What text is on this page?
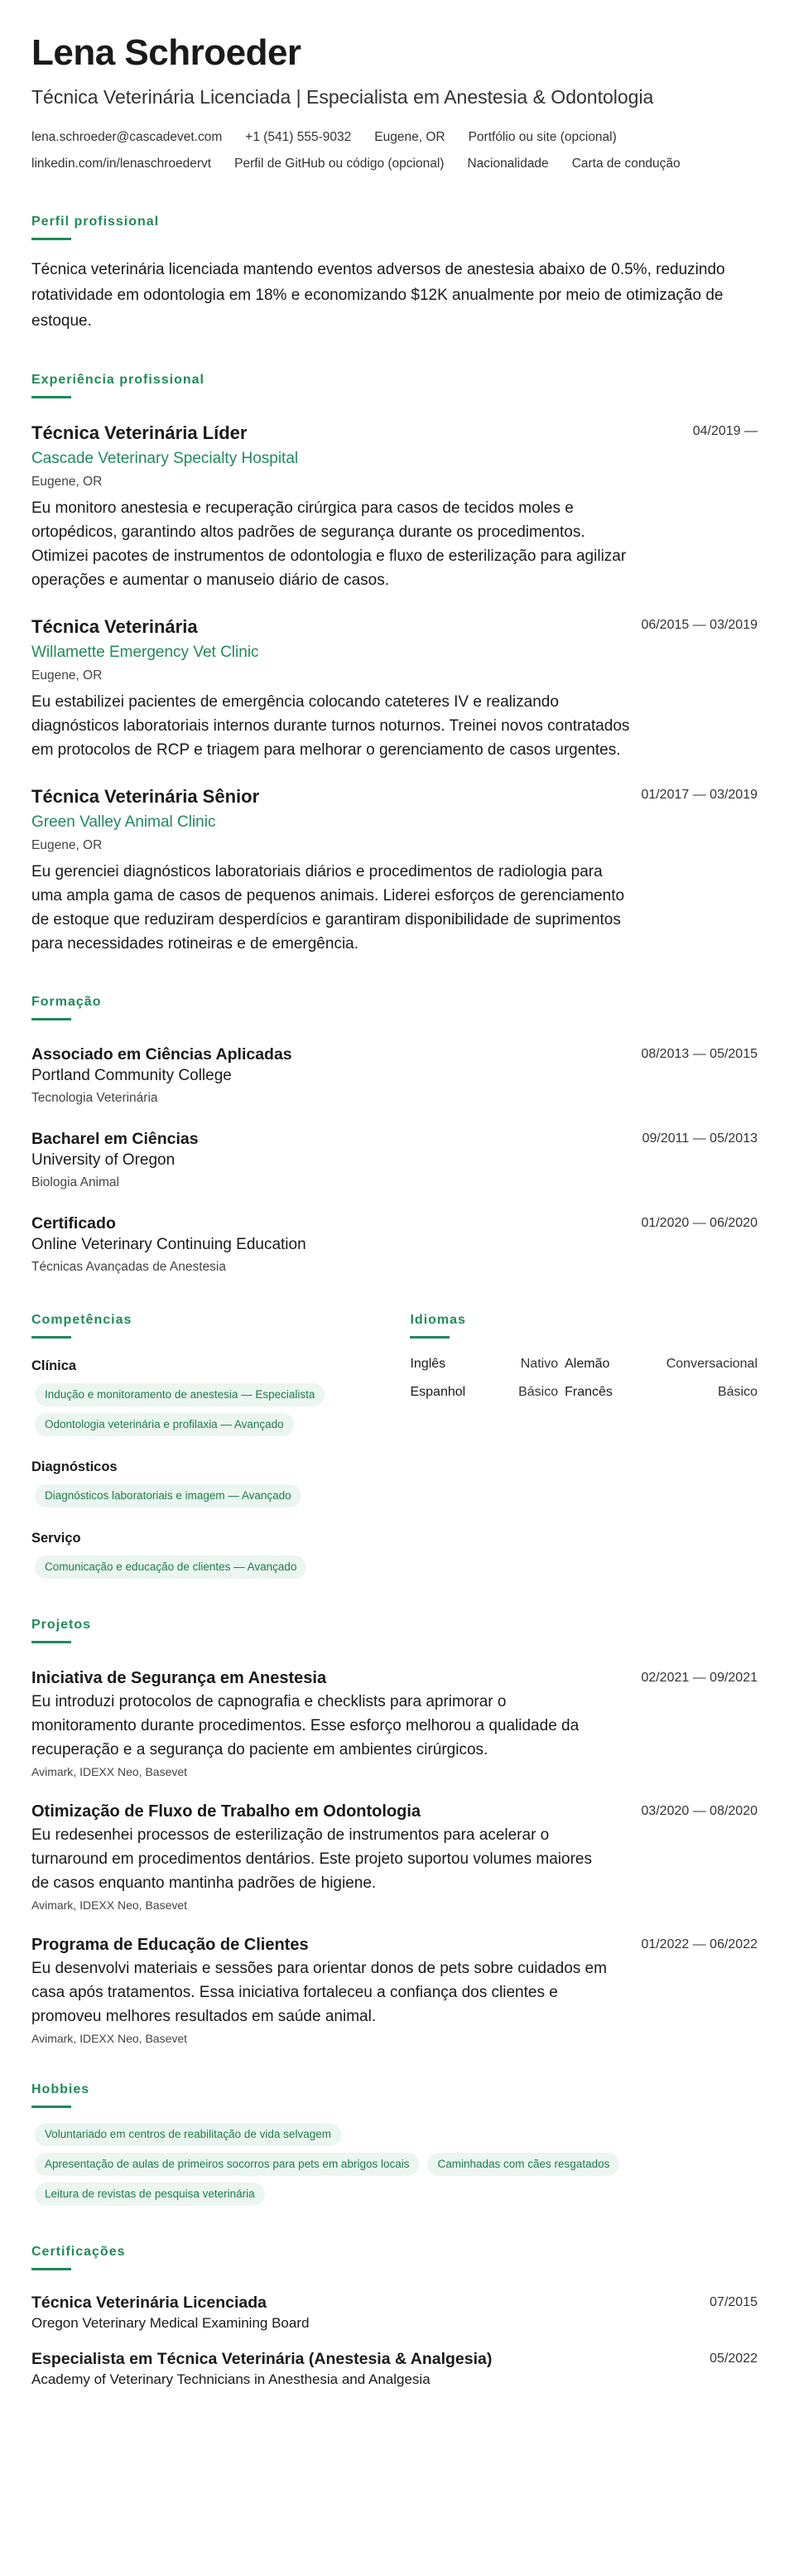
Lena Schroeder
Técnica Veterinária Licenciada | Especialista em Anestesia & Odontologia
lena.schroeder@cascadevet.com +1 (541) 555-9032 Eugene, OR Portfólio ou site (opcional)
linkedin.com/in/lenaschroedervt Perfil de GitHub ou código (opcional) Nacionalidade Carta de condução
Perfil profissional
Técnica veterinária licenciada mantendo eventos adversos de anestesia abaixo de 0.5%, reduzindo rotatividade em odontologia em 18% e economizando $12K anualmente por meio de otimização de estoque.
Experiência profissional
Técnica Veterinária Líder	04/2019 —
Cascade Veterinary Specialty Hospital
Eugene, OR
Eu monitoro anestesia e recuperação cirúrgica para casos de tecidos moles e ortopédicos, garantindo altos padrões de segurança durante os procedimentos. Otimizei pacotes de instrumentos de odontologia e fluxo de esterilização para agilizar operações e aumentar o manuseio diário de casos.
Técnica Veterinária	06/2015 — 03/2019
Willamette Emergency Vet Clinic
Eugene, OR
Eu estabilizei pacientes de emergência colocando cateteres IV e realizando diagnósticos laboratoriais internos durante turnos noturnos. Treinei novos contratados em protocolos de RCP e triagem para melhorar o gerenciamento de casos urgentes.
Técnica Veterinária Sênior	01/2017 — 03/2019
Green Valley Animal Clinic
Eugene, OR
Eu gerenciei diagnósticos laboratoriais diários e procedimentos de radiologia para uma ampla gama de casos de pequenos animais. Liderei esforços de gerenciamento de estoque que reduziram desperdícios e garantiram disponibilidade de suprimentos para necessidades rotineiras e de emergência.
Formação
Associado em Ciências Aplicadas	08/2013 — 05/2015
Portland Community College
Tecnologia Veterinária
Bacharel em Ciências	09/2011 — 05/2013
University of Oregon
Biologia Animal
Certificado	01/2020 — 06/2020
Online Veterinary Continuing Education
Técnicas Avançadas de Anestesia
Competências
Clínica
Indução e monitoramento de anestesia — Especialista
Odontologia veterinária e profilaxia — Avançado
Diagnósticos
Diagnósticos laboratoriais e imagem — Avançado
Serviço
Comunicação e educação de clientes — Avançado
Idiomas
Inglês	Nativo Alemão	Conversacional
Espanhol	Básico Francês	Básico
Projetos
Iniciativa de Segurança em Anestesia	02/2021 — 09/2021
Eu introduzi protocolos de capnografia e checklists para aprimorar o monitoramento durante procedimentos. Esse esforço melhorou a qualidade da recuperação e a segurança do paciente em ambientes cirúrgicos.
Avimark, IDEXX Neo, Basevet
Otimização de Fluxo de Trabalho em Odontologia	03/2020 — 08/2020
Eu redesenhei processos de esterilização de instrumentos para acelerar o turnaround em procedimentos dentários. Este projeto suportou volumes maiores de casos enquanto mantinha padrões de higiene.
Avimark, IDEXX Neo, Basevet
Programa de Educação de Clientes	01/2022 — 06/2022
Eu desenvolvi materiais e sessões para orientar donos de pets sobre cuidados em casa após tratamentos. Essa iniciativa fortaleceu a confiança dos clientes e promoveu melhores resultados em saúde animal.
Avimark, IDEXX Neo, Basevet
Hobbies
Voluntariado em centros de reabilitação de vida selvagem
Apresentação de aulas de primeiros socorros para pets em abrigos locais	Caminhadas com cães resgatados
Leitura de revistas de pesquisa veterinária
Certificações
Técnica Veterinária Licenciada	07/2015
Oregon Veterinary Medical Examining Board
Especialista em Técnica Veterinária (Anestesia & Analgesia)	05/2022
Academy of Veterinary Technicians in Anesthesia and Analgesia
